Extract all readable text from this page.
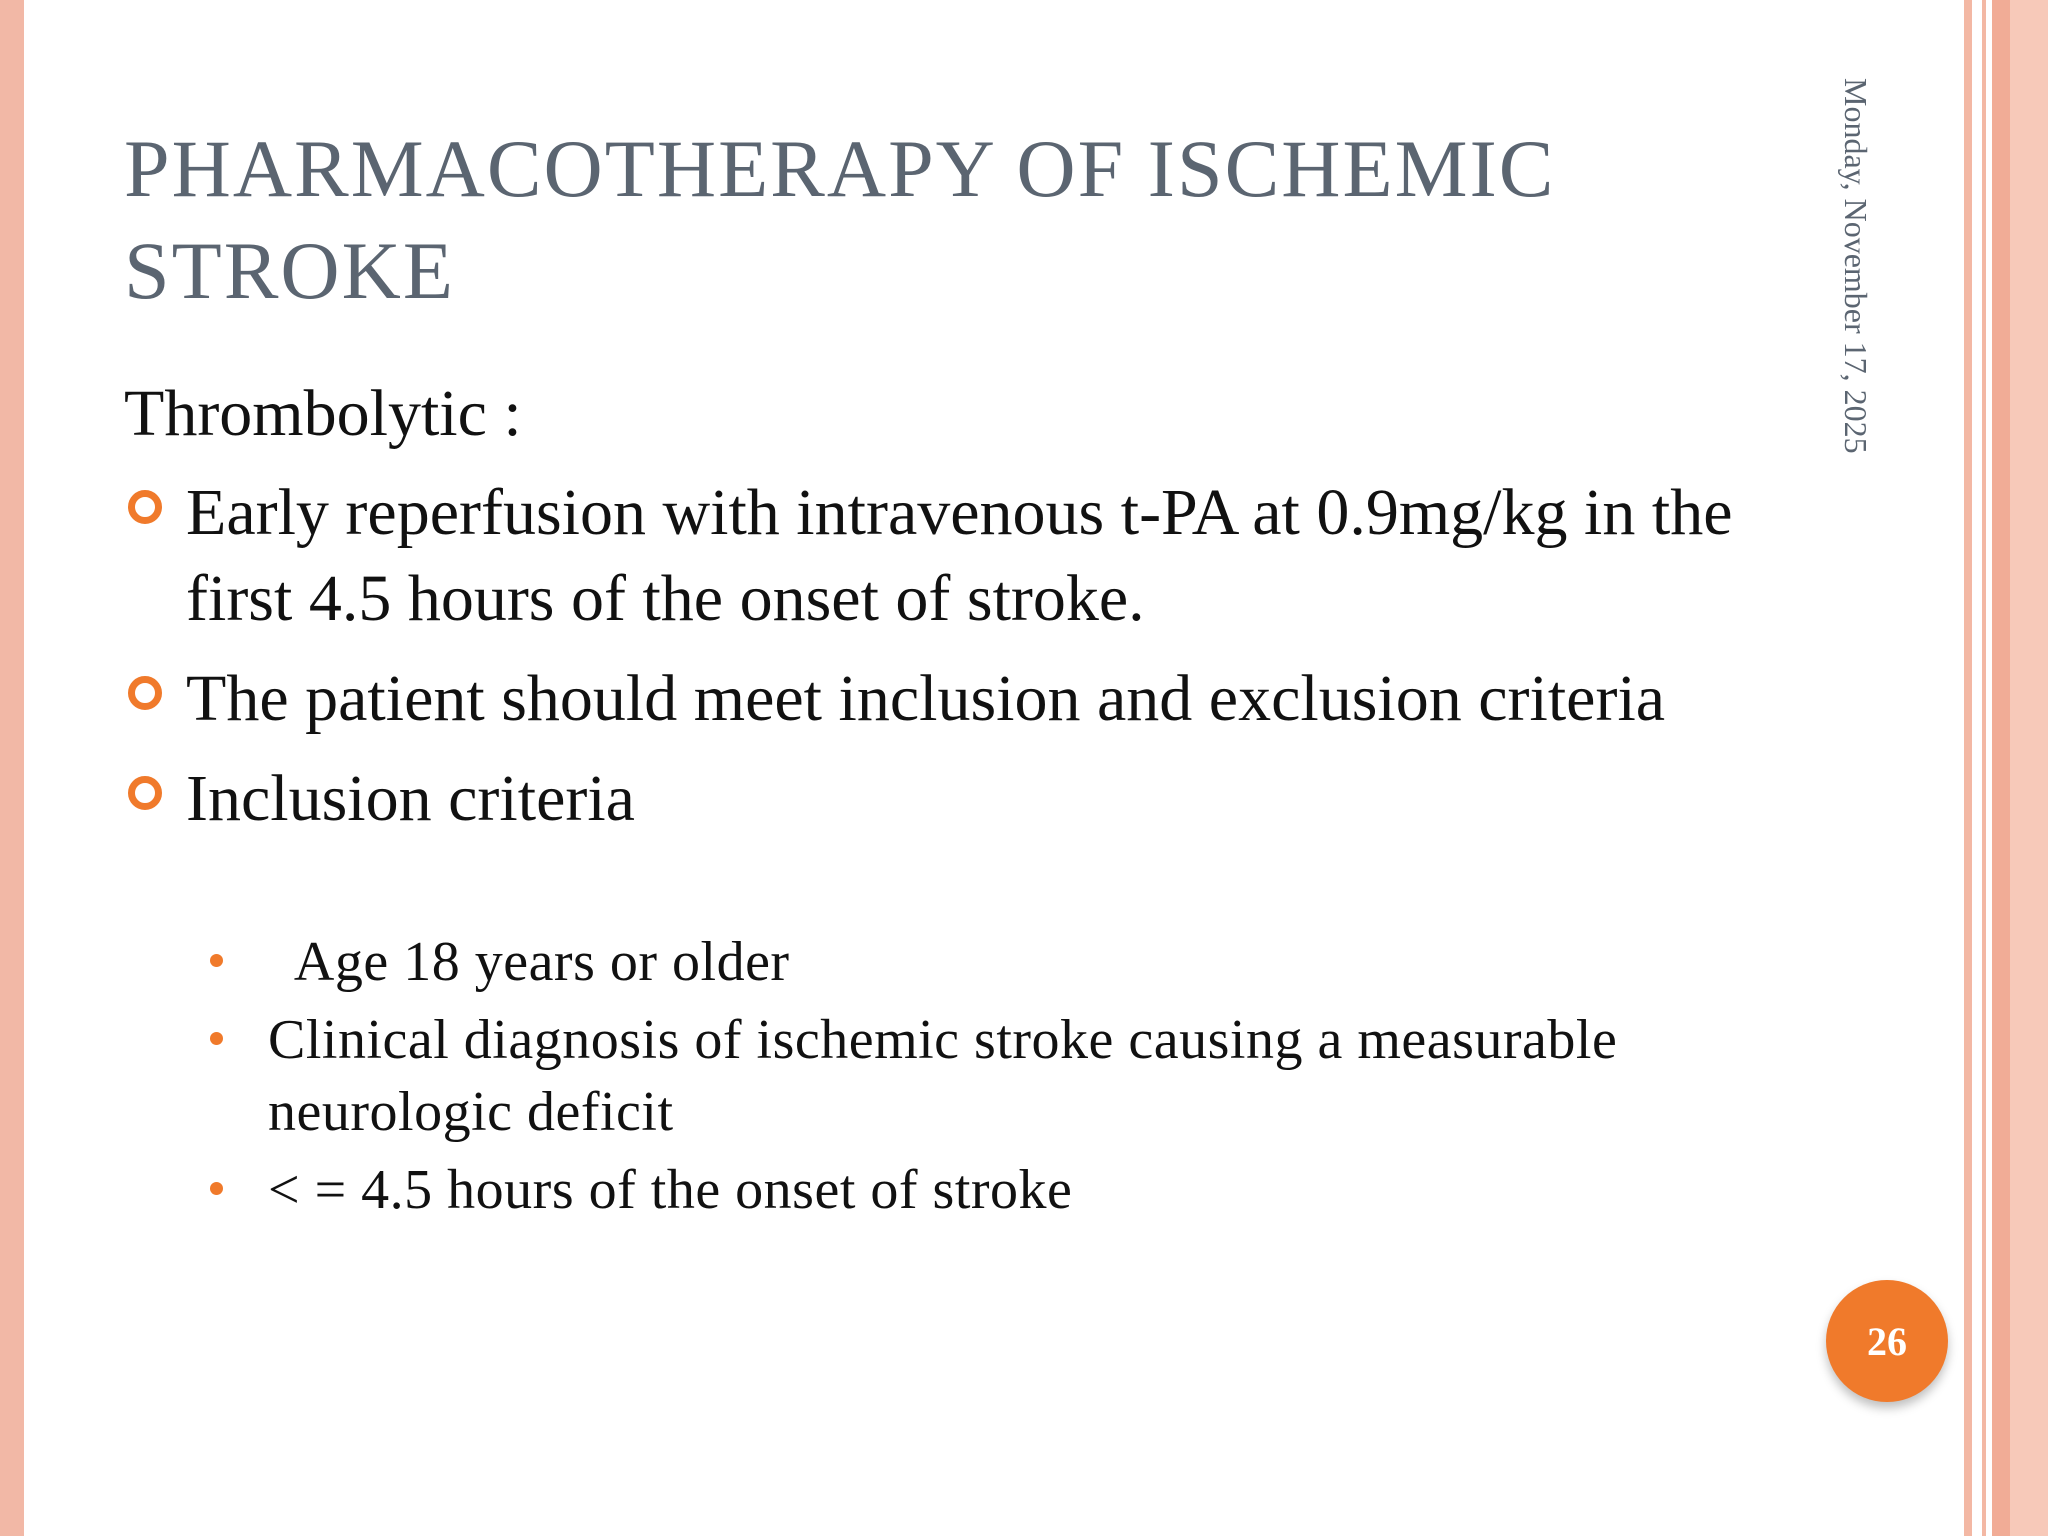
PHARMACOTHERAPY OF ISCHEMIC STROKE

Thrombolytic :

Early reperfusion with intravenous t-PA at 0.9mg/kg in the first 4.5 hours of the onset of stroke.
The patient should meet inclusion and exclusion criteria
Inclusion criteria
Age 18 years or older
Clinical diagnosis of ischemic stroke causing a measurable neurologic deficit
< = 4.5 hours of the onset of stroke
Monday, November 17, 2025
26
